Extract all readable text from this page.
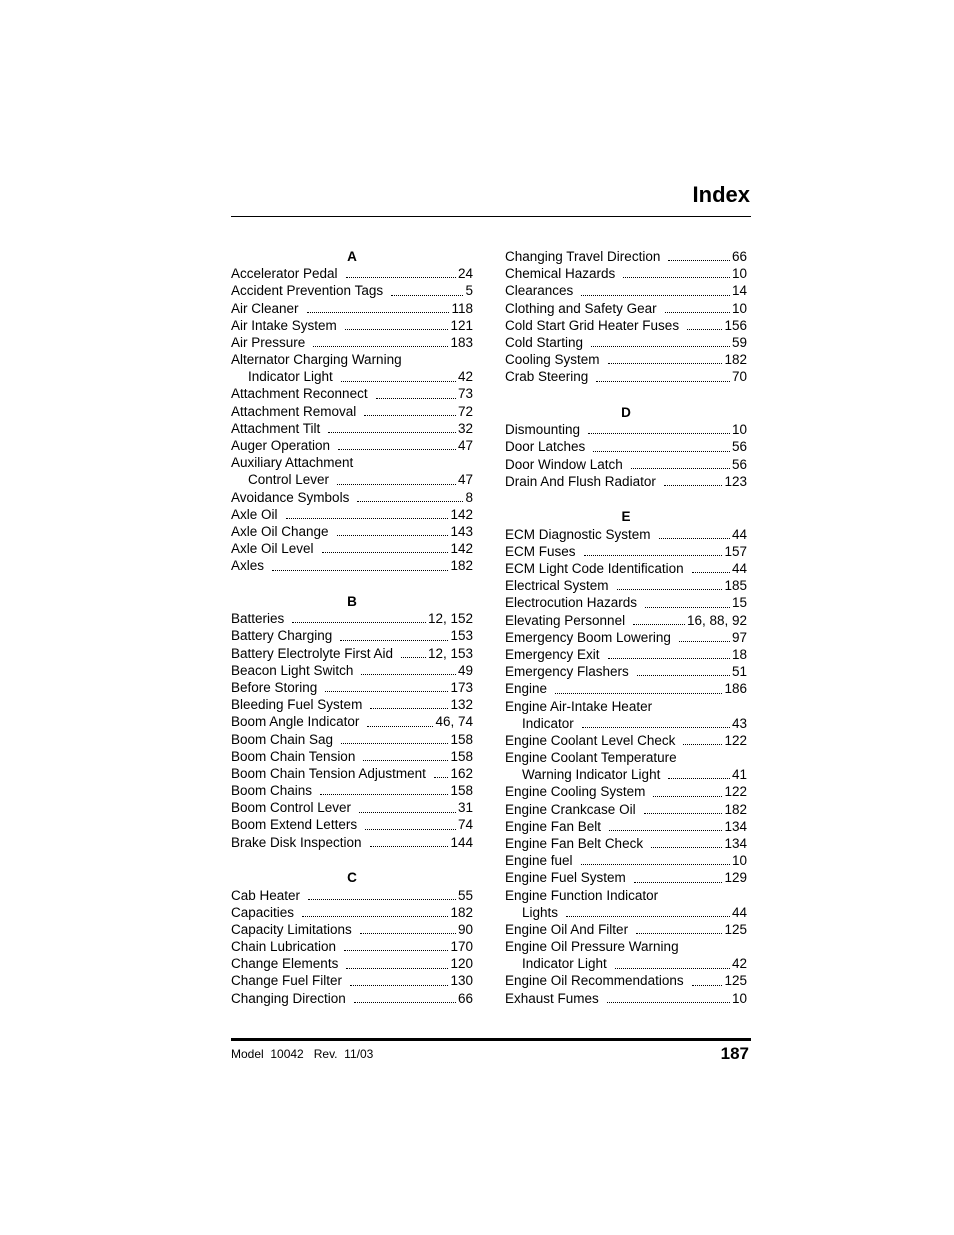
Index
A
Accelerator Pedal	24
Accident Prevention Tags	5
Air Cleaner	118
Air Intake System	121
Air Pressure	183
Alternator Charging Warning
Indicator Light	42
Attachment Reconnect	73
Attachment Removal	72
Attachment Tilt	32
Auger Operation	47
Auxiliary Attachment
Control Lever	47
Avoidance Symbols	8
Axle Oil	142
Axle Oil Change	143
Axle Oil Level	142
Axles	182
B
Batteries	12, 152
Battery Charging	153
Battery Electrolyte First Aid	12, 153
Beacon Light Switch	49
Before Storing	173
Bleeding Fuel System	132
Boom Angle Indicator	46, 74
Boom Chain Sag	158
Boom Chain Tension	158
Boom Chain Tension Adjustment 162
Boom Chains	158
Boom Control Lever	31
Boom Extend Letters	74
Brake Disk Inspection	144
C
Cab Heater	55
Capacities	182
Capacity Limitations	90
Chain Lubrication	170
Change Elements	120
Change Fuel Filter	130
Changing Direction	66
Changing Travel Direction	66
Chemical Hazards	10
Clearances	14
Clothing and Safety Gear	10
Cold Start Grid Heater Fuses	156
Cold Starting	59
Cooling System	182
Crab Steering	70
D
Dismounting	10
Door Latches	56
Door Window Latch	56
Drain And Flush Radiator	123
E
ECM Diagnostic System	44
ECM Fuses	157
ECM Light Code Identification	44
Electrical System	185
Electrocution Hazards	15
Elevating Personnel	16, 88, 92
Emergency Boom Lowering	97
Emergency Exit	18
Emergency Flashers	51
Engine	186
Engine Air-Intake Heater
Indicator	43
Engine Coolant Level Check	122
Engine Coolant Temperature
Warning Indicator Light	41
Engine Cooling System	122
Engine Crankcase Oil	182
Engine Fan Belt	134
Engine Fan Belt Check	134
Engine fuel	10
Engine Fuel System	129
Engine Function Indicator
Lights	44
Engine Oil And Filter	125
Engine Oil Pressure Warning
Indicator Light	42
Engine Oil Recommendations	125
Exhaust Fumes	10
Model  10042   Rev.  11/03	187
